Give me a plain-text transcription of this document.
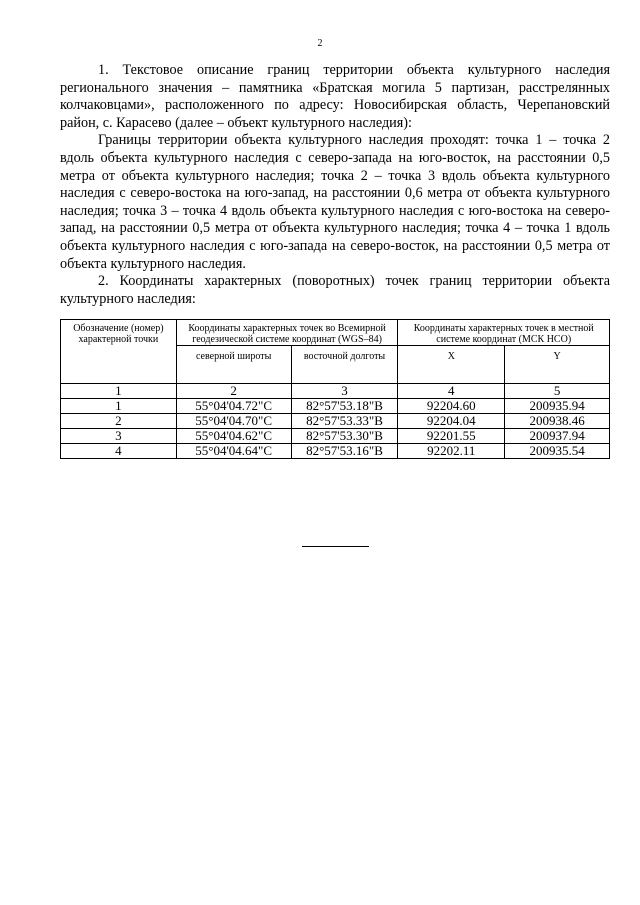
2

1. Текстовое описание границ территории объекта культурного наследия регионального значения – памятника «Братская могила 5 партизан, расстрелянных колчаковцами», расположенного по адресу: Новосибирская область, Черепановский район, с. Карасево (далее – объект культурного наследия):

Границы территории объекта культурного наследия проходят: точка 1 – точка 2 вдоль объекта культурного наследия с северо-запада на юго-восток, на расстоянии 0,5 метра от объекта культурного наследия; точка 2 – точка 3 вдоль объекта культурного наследия с северо-востока на юго-запад, на расстоянии 0,6 метра от объекта культурного наследия; точка 3 – точка 4 вдоль объекта культурного наследия с юго-востока на северо-запад, на расстоянии 0,5 метра от объекта культурного наследия; точка 4 – точка 1 вдоль объекта культурного наследия с юго-запада на северо-восток, на расстоянии 0,5 метра от объекта культурного наследия.

2. Координаты характерных (поворотных) точек границ территории объекта культурного наследия:

Обозначение (номер) характерной точки	Координаты характерных точек во Всемирной геодезической системе координат (WGS–84)		Координаты характерных точек в местной системе координат (МСК НСО)	
	северной широты	восточной долготы	X	Y
1	2	3	4	5
1	55°04'04.72"С	82°57'53.18"В	92204.60	200935.94
2	55°04'04.70"С	82°57'53.33"В	92204.04	200938.46
3	55°04'04.62"С	82°57'53.30"В	92201.55	200937.94
4	55°04'04.64"С	82°57'53.16"В	92202.11	200935.54
